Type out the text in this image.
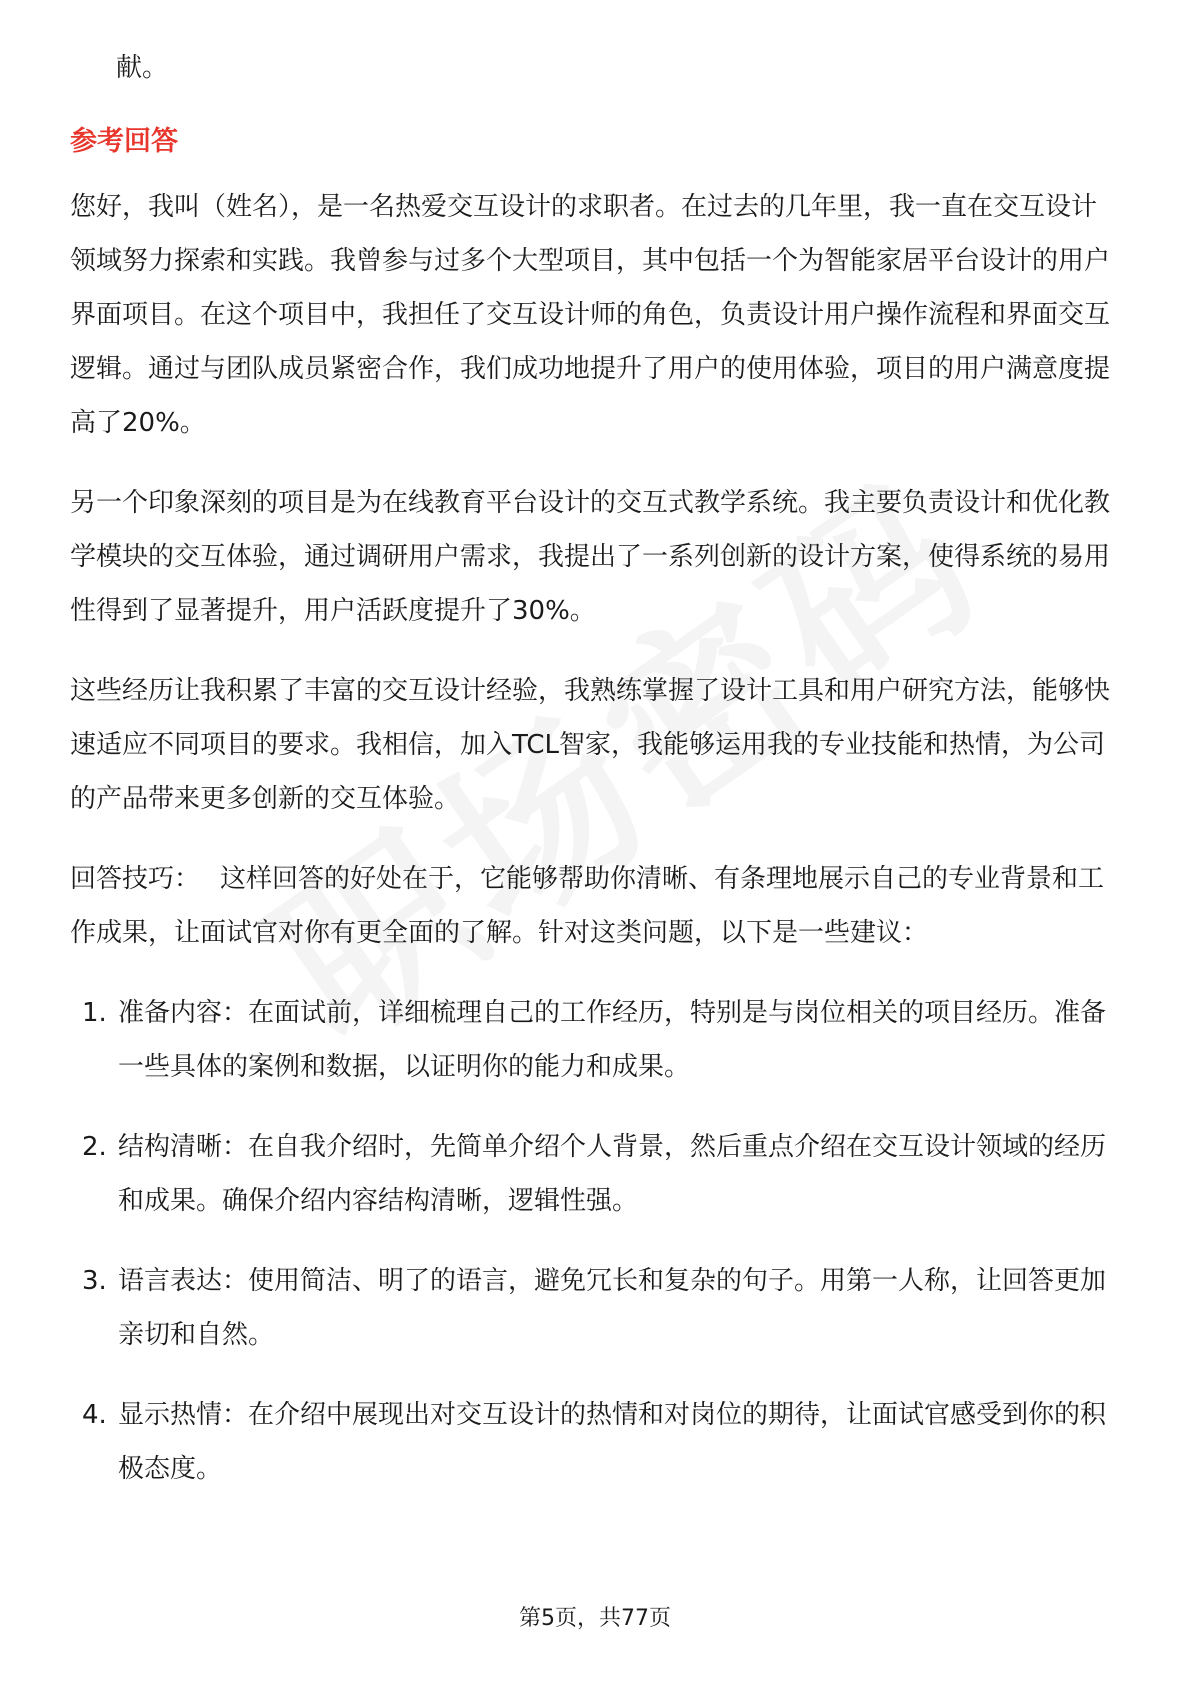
献。

参考回答

您好，我叫（姓名），是一名热爱交互设计的求职者。在过去的几年里，我一直在交互设计领域努力探索和实践。我曾参与过多个大型项目，其中包括一个为智能家居平台设计的用户界面项目。在这个项目中，我担任了交互设计师的角色，负责设计用户操作流程和界面交互逻辑。通过与团队成员紧密合作，我们成功地提升了用户的使用体验，项目的用户满意度提高了20%。

另一个印象深刻的项目是为在线教育平台设计的交互式教学系统。我主要负责设计和优化教学模块的交互体验，通过调研用户需求，我提出了一系列创新的设计方案，使得系统的易用性得到了显著提升，用户活跃度提升了30%。

这些经历让我积累了丰富的交互设计经验，我熟练掌握了设计工具和用户研究方法，能够快速适应不同项目的要求。我相信，加入TCL智家，我能够运用我的专业技能和热情，为公司的产品带来更多创新的交互体验。

回答技巧： 这样回答的好处在于，它能够帮助你清晰、有条理地展示自己的专业背景和工作成果，让面试官对你有更全面的了解。针对这类问题，以下是一些建议：

1. 准备内容：在面试前，详细梳理自己的工作经历，特别是与岗位相关的项目经历。准备一些具体的案例和数据，以证明你的能力和成果。
2. 结构清晰：在自我介绍时，先简单介绍个人背景，然后重点介绍在交互设计领域的经历和成果。确保介绍内容结构清晰，逻辑性强。
3. 语言表达：使用简洁、明了的语言，避免冗长和复杂的句子。用第一人称，让回答更加亲切和自然。
4. 显示热情：在介绍中展现出对交互设计的热情和对岗位的期待，让面试官感受到你的积极态度。
第5页，共77页
